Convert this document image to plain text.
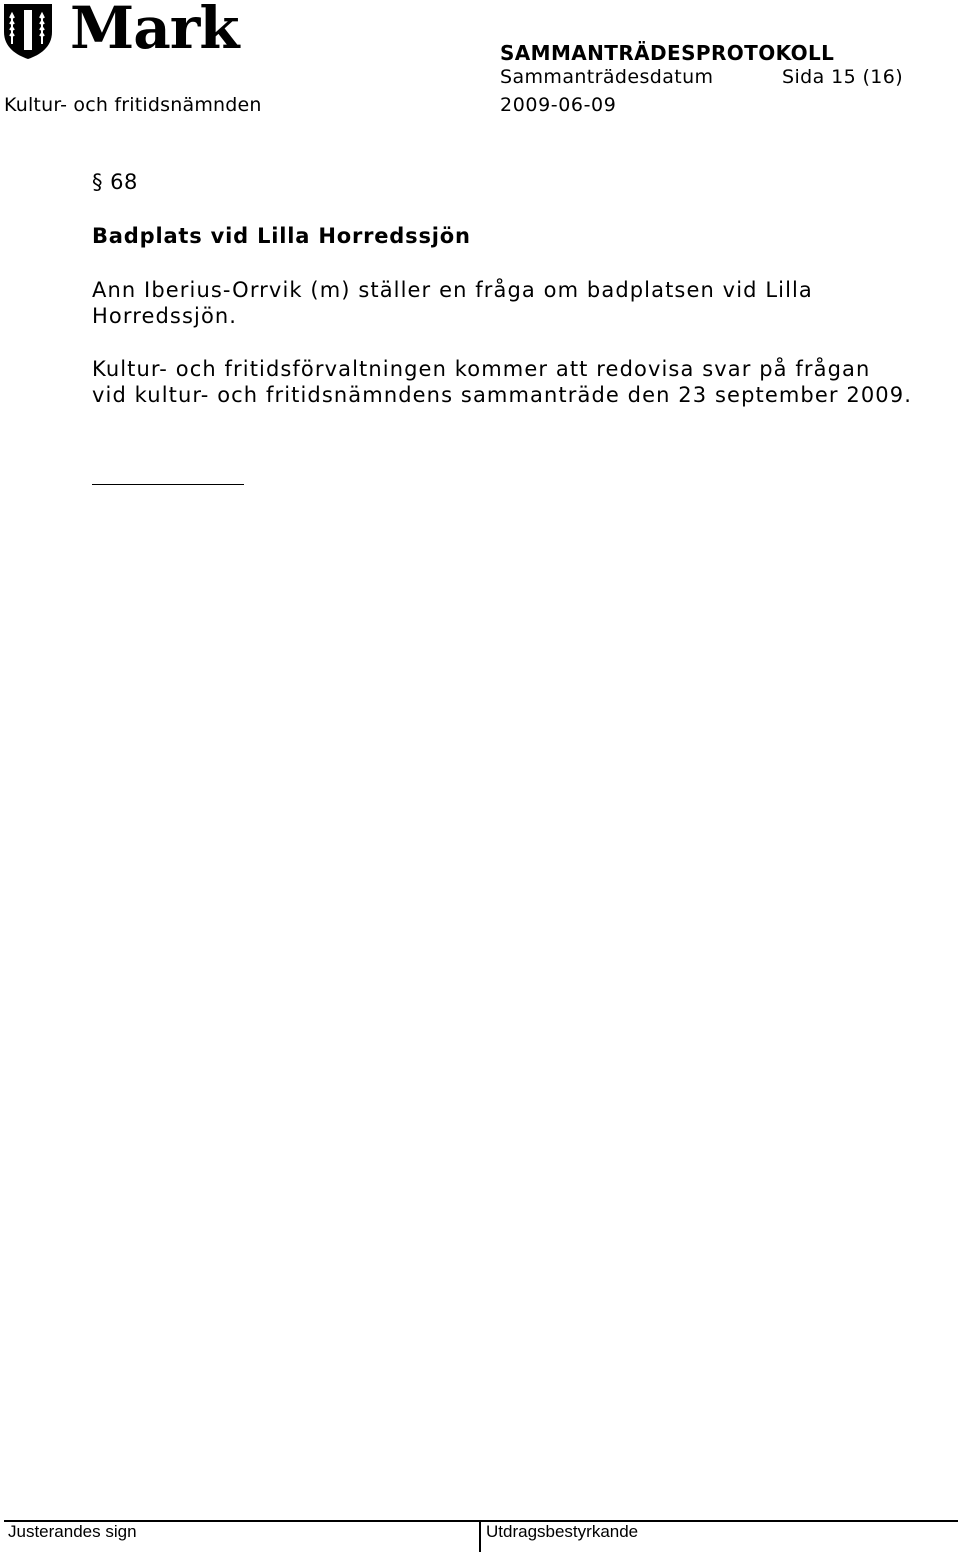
Mark	SAMMANTRÄDESPROTOKOLL
Sammanträdesdatum	Sida 15 (16)
Kultur- och fritidsnämnden	2009-06-09
§ 68
Badplats vid Lilla Horredssjön
Ann Iberius-Orrvik (m) ställer en fråga om badplatsen vid Lilla Horredssjön.
Kultur- och fritidsförvaltningen kommer att redovisa svar på frågan vid kultur- och fritidsnämndens sammanträde den 23 september 2009.
Justerandes sign	Utdragsbestyrkande
